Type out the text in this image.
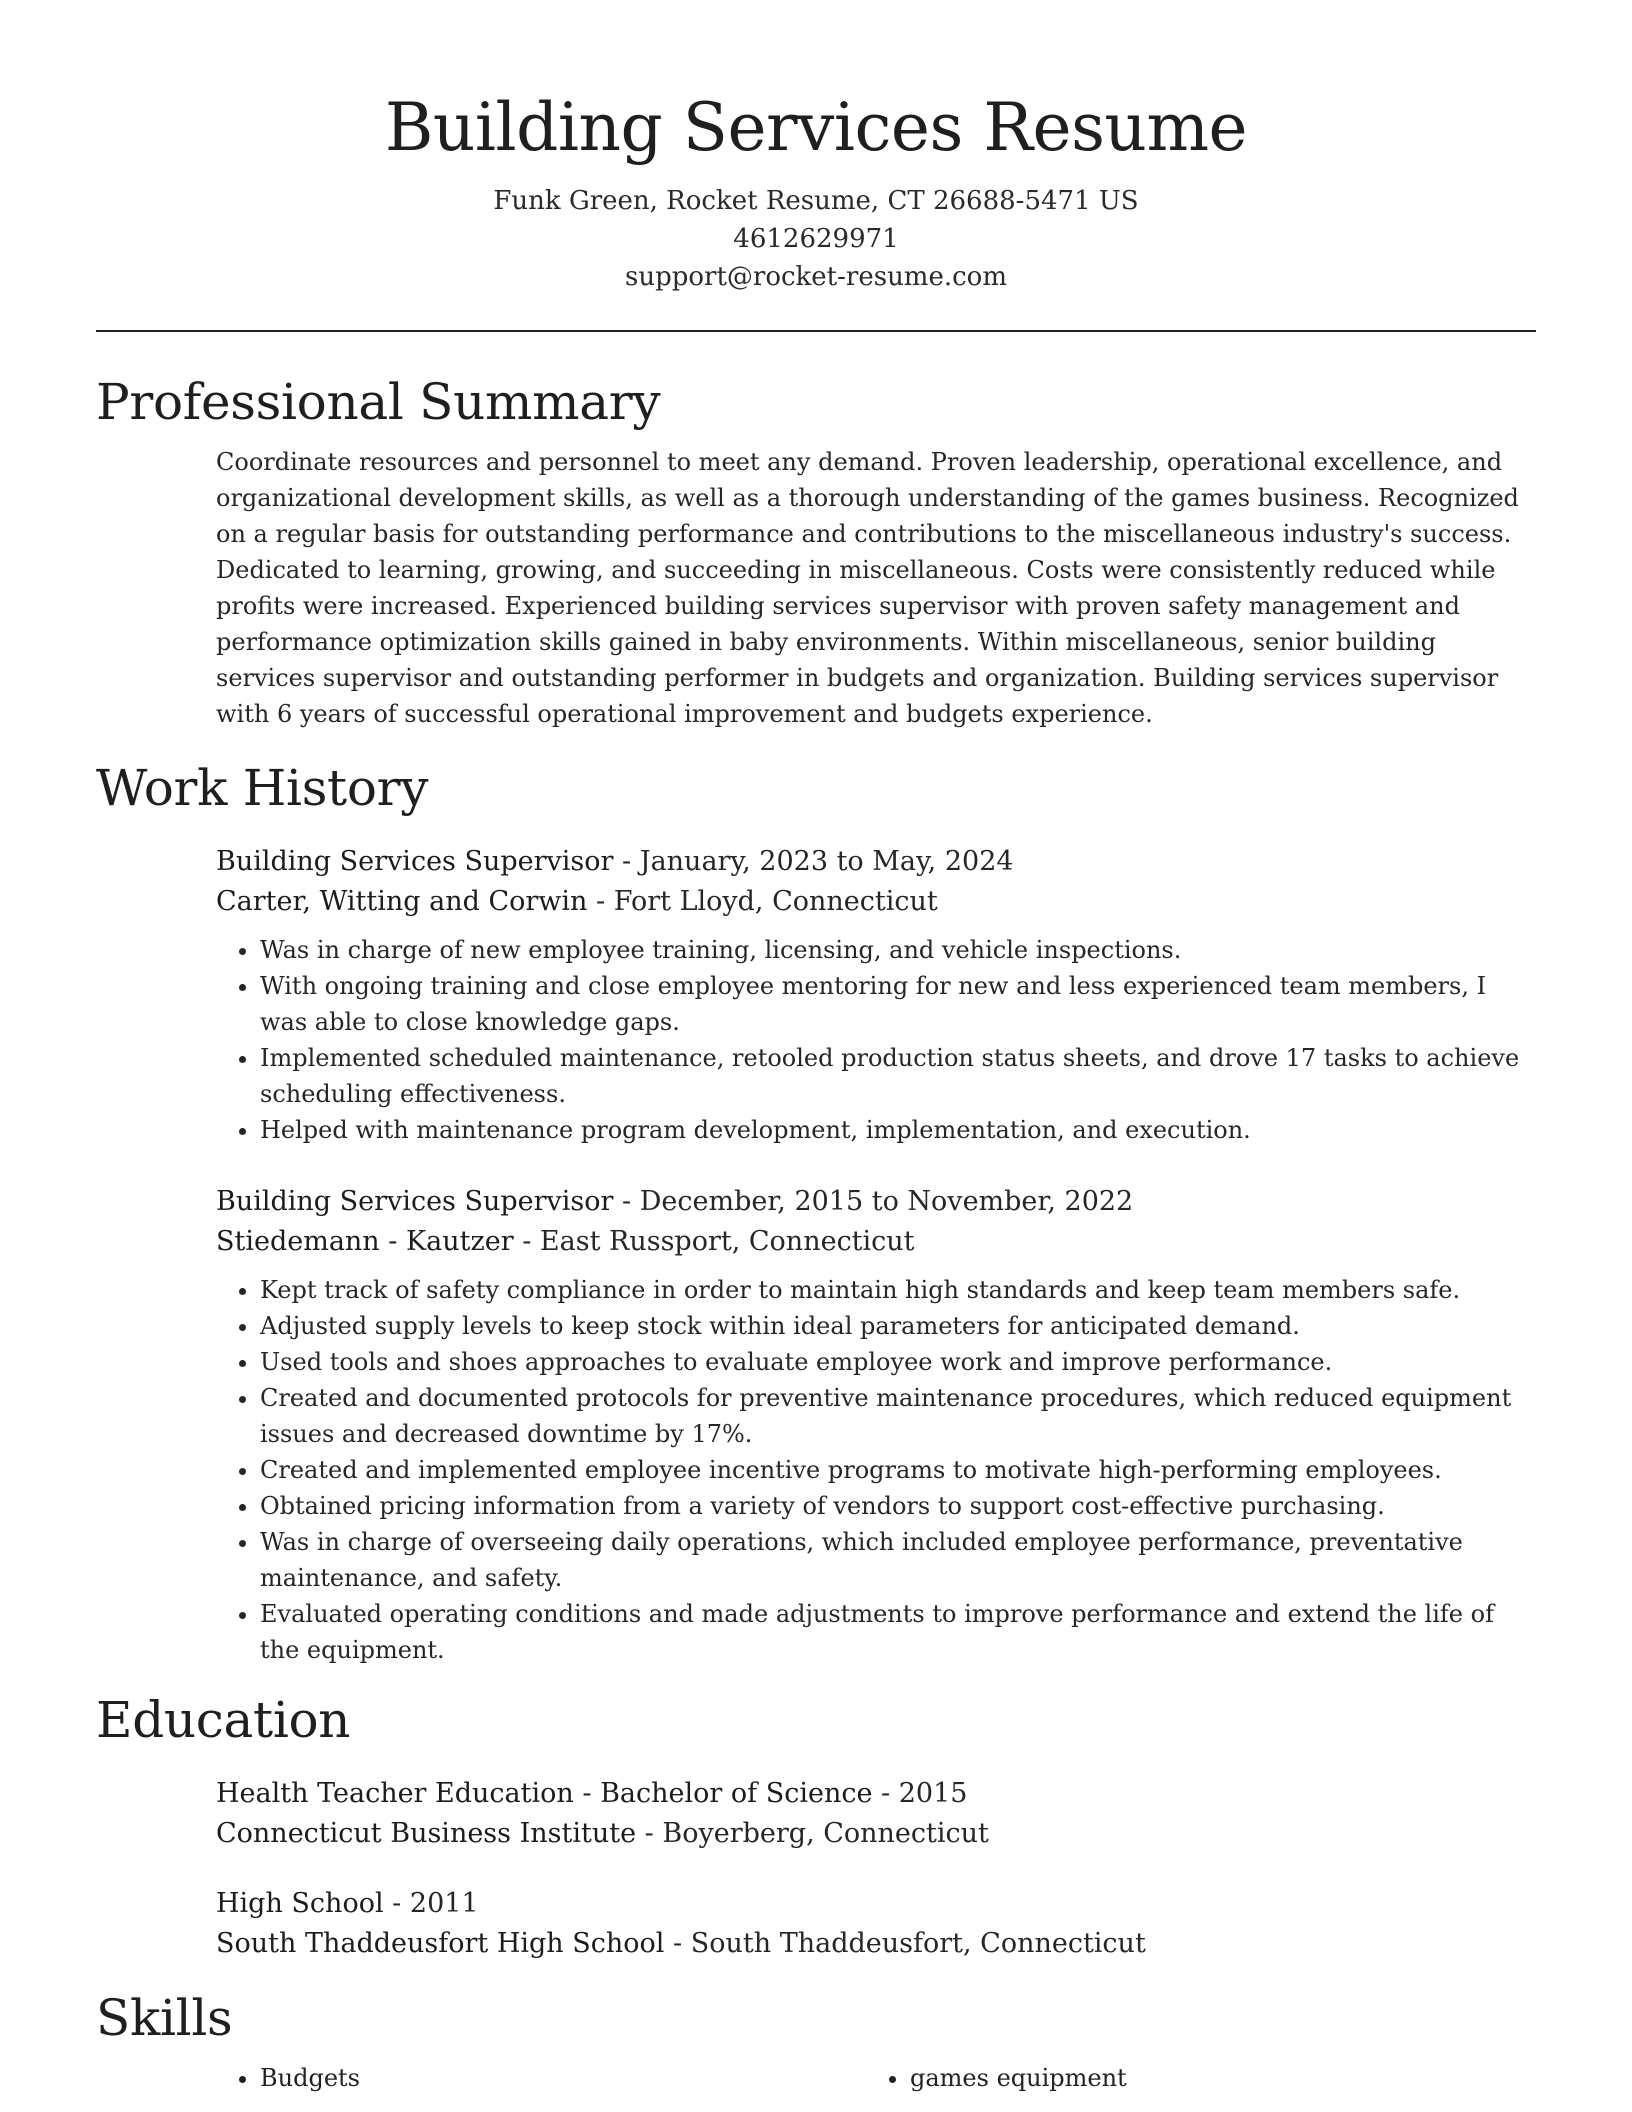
Building Services Resume
Funk Green, Rocket Resume, CT 26688-5471 US
4612629971
support@rocket-resume.com
Professional Summary
Coordinate resources and personnel to meet any demand. Proven leadership, operational excellence, and organizational development skills, as well as a thorough understanding of the games business. Recognized on a regular basis for outstanding performance and contributions to the miscellaneous industry's success. Dedicated to learning, growing, and succeeding in miscellaneous. Costs were consistently reduced while profits were increased. Experienced building services supervisor with proven safety management and performance optimization skills gained in baby environments. Within miscellaneous, senior building services supervisor and outstanding performer in budgets and organization. Building services supervisor with 6 years of successful operational improvement and budgets experience.
Work History
Building Services Supervisor - January, 2023 to May, 2024
Carter, Witting and Corwin - Fort Lloyd, Connecticut
• Was in charge of new employee training, licensing, and vehicle inspections.
• With ongoing training and close employee mentoring for new and less experienced team members, I was able to close knowledge gaps.
• Implemented scheduled maintenance, retooled production status sheets, and drove 17 tasks to achieve scheduling effectiveness.
• Helped with maintenance program development, implementation, and execution.
Building Services Supervisor - December, 2015 to November, 2022
Stiedemann - Kautzer - East Russport, Connecticut
• Kept track of safety compliance in order to maintain high standards and keep team members safe.
• Adjusted supply levels to keep stock within ideal parameters for anticipated demand.
• Used tools and shoes approaches to evaluate employee work and improve performance.
• Created and documented protocols for preventive maintenance procedures, which reduced equipment issues and decreased downtime by 17%.
• Created and implemented employee incentive programs to motivate high-performing employees.
• Obtained pricing information from a variety of vendors to support cost-effective purchasing.
• Was in charge of overseeing daily operations, which included employee performance, preventative maintenance, and safety.
• Evaluated operating conditions and made adjustments to improve performance and extend the life of the equipment.
Education
Health Teacher Education - Bachelor of Science - 2015
Connecticut Business Institute - Boyerberg, Connecticut
High School - 2011
South Thaddeusfort High School - South Thaddeusfort, Connecticut
Skills
• Budgets
•	games equipment
